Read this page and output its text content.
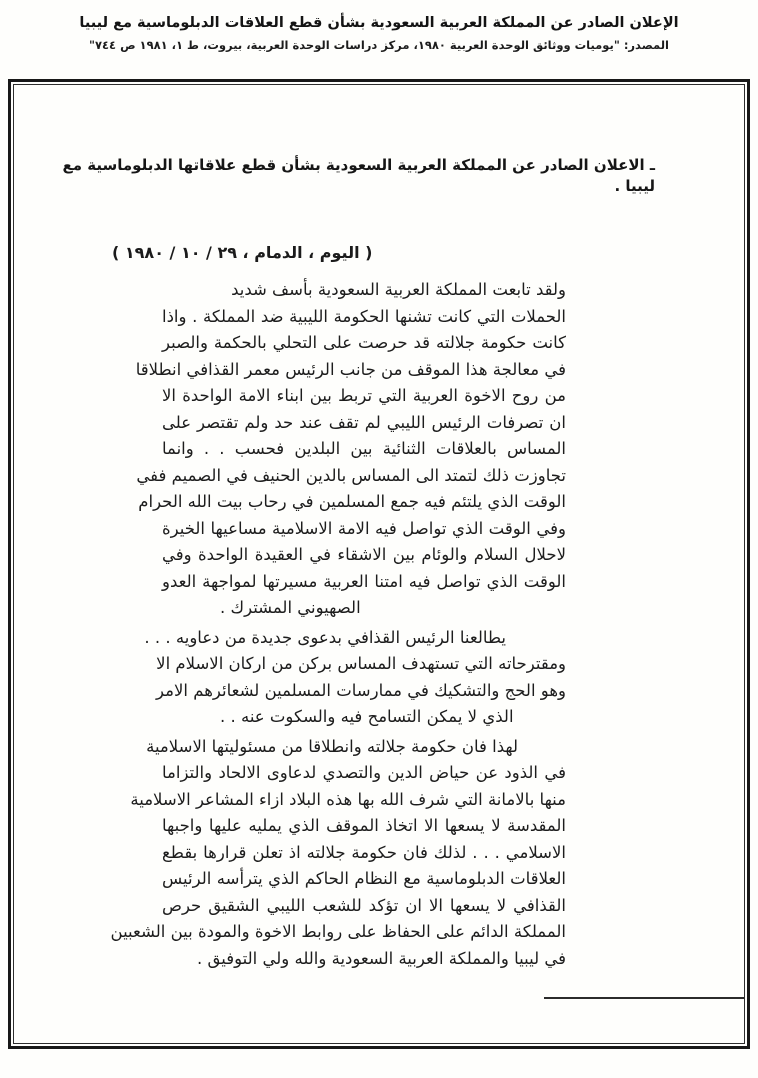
الإعلان الصادر عن المملكة العربية السعودية بشأن قطع العلاقات الدبلوماسية مع ليبيا
المصدر: "يوميات ووثائق الوحدة العربية ١٩٨٠، مركز دراسات الوحدة العربية، بيروت، ط ١، ١٩٨١ ص ٧٤٤"
ـ الاعلان الصادر عن المملكة العربية السعودية بشأن قطع علاقاتها الدبلوماسية مع ليبيا .
( اليوم ، الدمام ، ٢٩ / ١٠ / ١٩٨٠ )
ولقد تابعت المملكة العربية السعودية بأسف شديد
الحملات التي كانت تشنها الحكومة الليبية ضد المملكة . واذا
كانت حكومة جلالته قد حرصت على التحلي بالحكمة والصبر
في معالجة هذا الموقف من جانب الرئيس معمر القذافي انطلاقا
من روح الاخوة العربية التي تربط بين ابناء الامة الواحدة الا
ان تصرفات الرئيس الليبي لم تقف عند حد ولم تقتصر على
المساس بالعلاقات الثنائية بين البلدين فحسب . . وانما
تجاوزت ذلك لتمتد الى المساس بالدين الحنيف في الصميم ففي
الوقت الذي يلتئم فيه جمع المسلمين في رحاب بيت الله الحرام
وفي الوقت الذي تواصل فيه الامة الاسلامية مساعيها الخيرة
لاحلال السلام والوئام بين الاشقاء في العقيدة الواحدة وفي
الوقت الذي تواصل فيه امتنا العربية مسيرتها لمواجهة العدو
الصهيوني المشترك .
يطالعنا الرئيس القذافي بدعوى جديدة من دعاويه . . .
ومقترحاته التي تستهدف المساس بركن من اركان الاسلام الا
وهو الحج والتشكيك في ممارسات المسلمين لشعائرهم الامر
الذي لا يمكن التسامح فيه والسكوت عنه . .
لهذا فان حكومة جلالته وانطلاقا من مسئوليتها الاسلامية
في الذود عن حياض الدين والتصدي لدعاوى الالحاد والتزاما
منها بالامانة التي شرف الله بها هذه البلاد ازاء المشاعر الاسلامية
المقدسة لا يسعها الا اتخاذ الموقف الذي يمليه عليها واجبها
الاسلامي . . . لذلك فان حكومة جلالته اذ تعلن قرارها بقطع
العلاقات الدبلوماسية مع النظام الحاكم الذي يترأسه الرئيس
القذافي لا يسعها الا ان تؤكد للشعب الليبي الشقيق حرص
المملكة الدائم على الحفاظ على روابط الاخوة والمودة بين الشعبين
في ليبيا والمملكة العربية السعودية والله ولي التوفيق .
